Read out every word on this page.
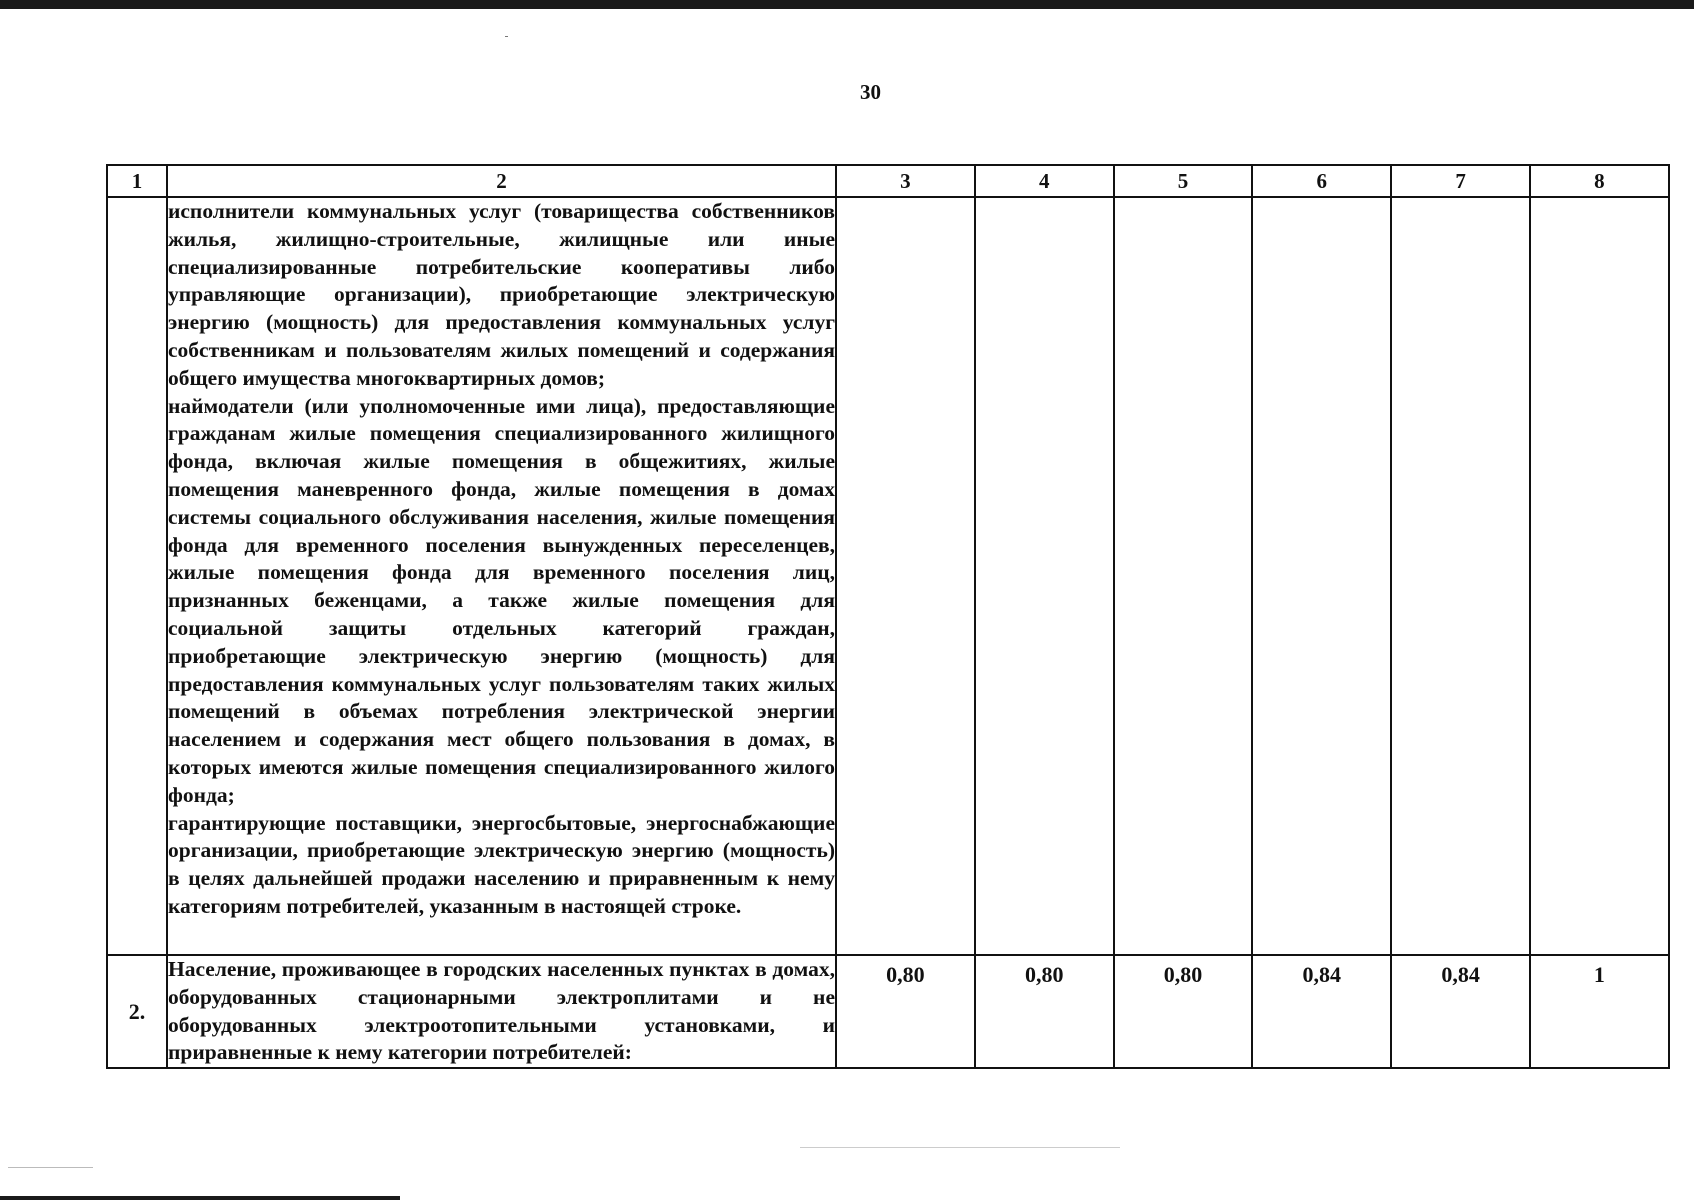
30
1	2	3	4	5	6	7	8

	исполнители коммунальных услуг (товарищества собственников жилья, жилищно-строительные, жилищные или иные специализированные потребительские кооперативы либо управляющие организации), приобретающие электрическую энергию (мощность) для предоставления коммунальных услуг собственникам и пользователям жилых помещений и содержания общего имущества многоквартирных домов;

наймодатели (или уполномоченные ими лица), предоставляющие гражданам жилые помещения специализированного жилищного фонда, включая жилые помещения в общежитиях, жилые помещения маневренного фонда, жилые помещения в домах системы социального обслуживания населения, жилые помещения фонда для временного поселения вынужденных переселенцев, жилые помещения фонда для временного поселения лиц, признанных беженцами, а также жилые помещения для социальной защиты отдельных категорий граждан, приобретающие электрическую энергию (мощность) для предоставления коммунальных услуг пользователям таких жилых помещений в объемах потребления электрической энергии населением и содержания мест общего пользования в домах, в которых имеются жилые помещения специализированного жилого фонда;

гарантирующие поставщики, энергосбытовые, энергоснабжающие организации, приобретающие электрическую энергию (мощность) в целях дальнейшей продажи населению и приравненным к нему категориям потребителей, указанным в настоящей строке.						

2.	Население, проживающее в городских населенных пунктах в домах, оборудованных стационарными электроплитами и не оборудованных электроотопительными установками, и приравненные к нему категории потребителей:	0,80	0,80	0,80	0,84	0,84	1
